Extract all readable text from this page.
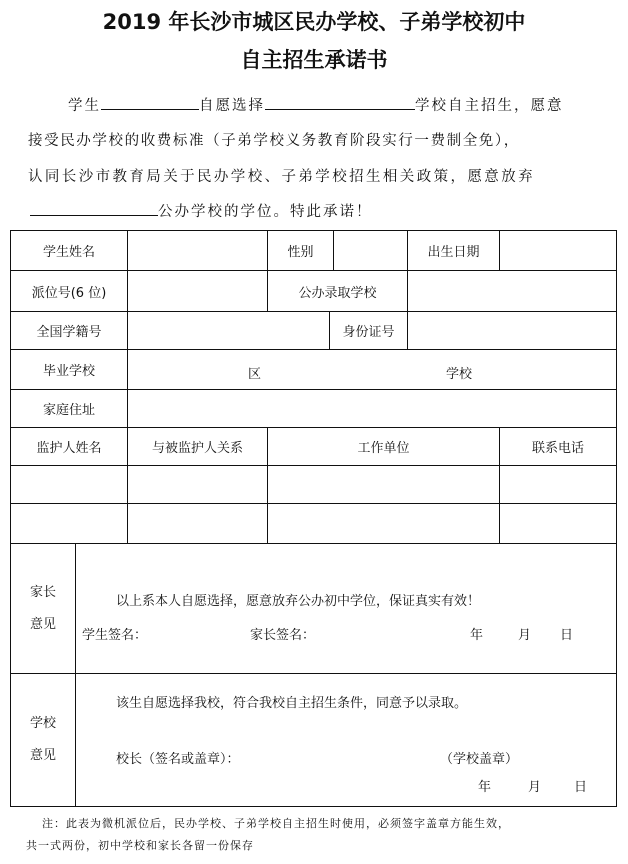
2019 年长沙市城区民办学校、子弟学校初中
自主招生承诺书
学生	自愿选择	学校自主招生，愿意
接受民办学校的收费标准（子弟学校义务教育阶段实行一费制全免），
认同长沙市教育局关于民办学校、子弟学校招生相关政策，愿意放弃
公办学校的学位。特此承诺！
学生姓名	性别	出生日期
派位号(6 位)	公办录取学校
全国学籍号	身份证号
毕业学校	区	学校
家庭住址
监护人姓名	与被监护人关系	工作单位	联系电话
家长
意见
以上系本人自愿选择，愿意放弃公办初中学位，保证真实有效！
学生签名：	家长签名：	年	月 日
学校
意见
该生自愿选择我校，符合我校自主招生条件，同意予以录取。
校长（签名或盖章）：	（学校盖章）
年	月	日
注：此表为微机派位后，民办学校、子弟学校自主招生时使用，必须签字盖章方能生效，
共一式两份，初中学校和家长各留一份保存
